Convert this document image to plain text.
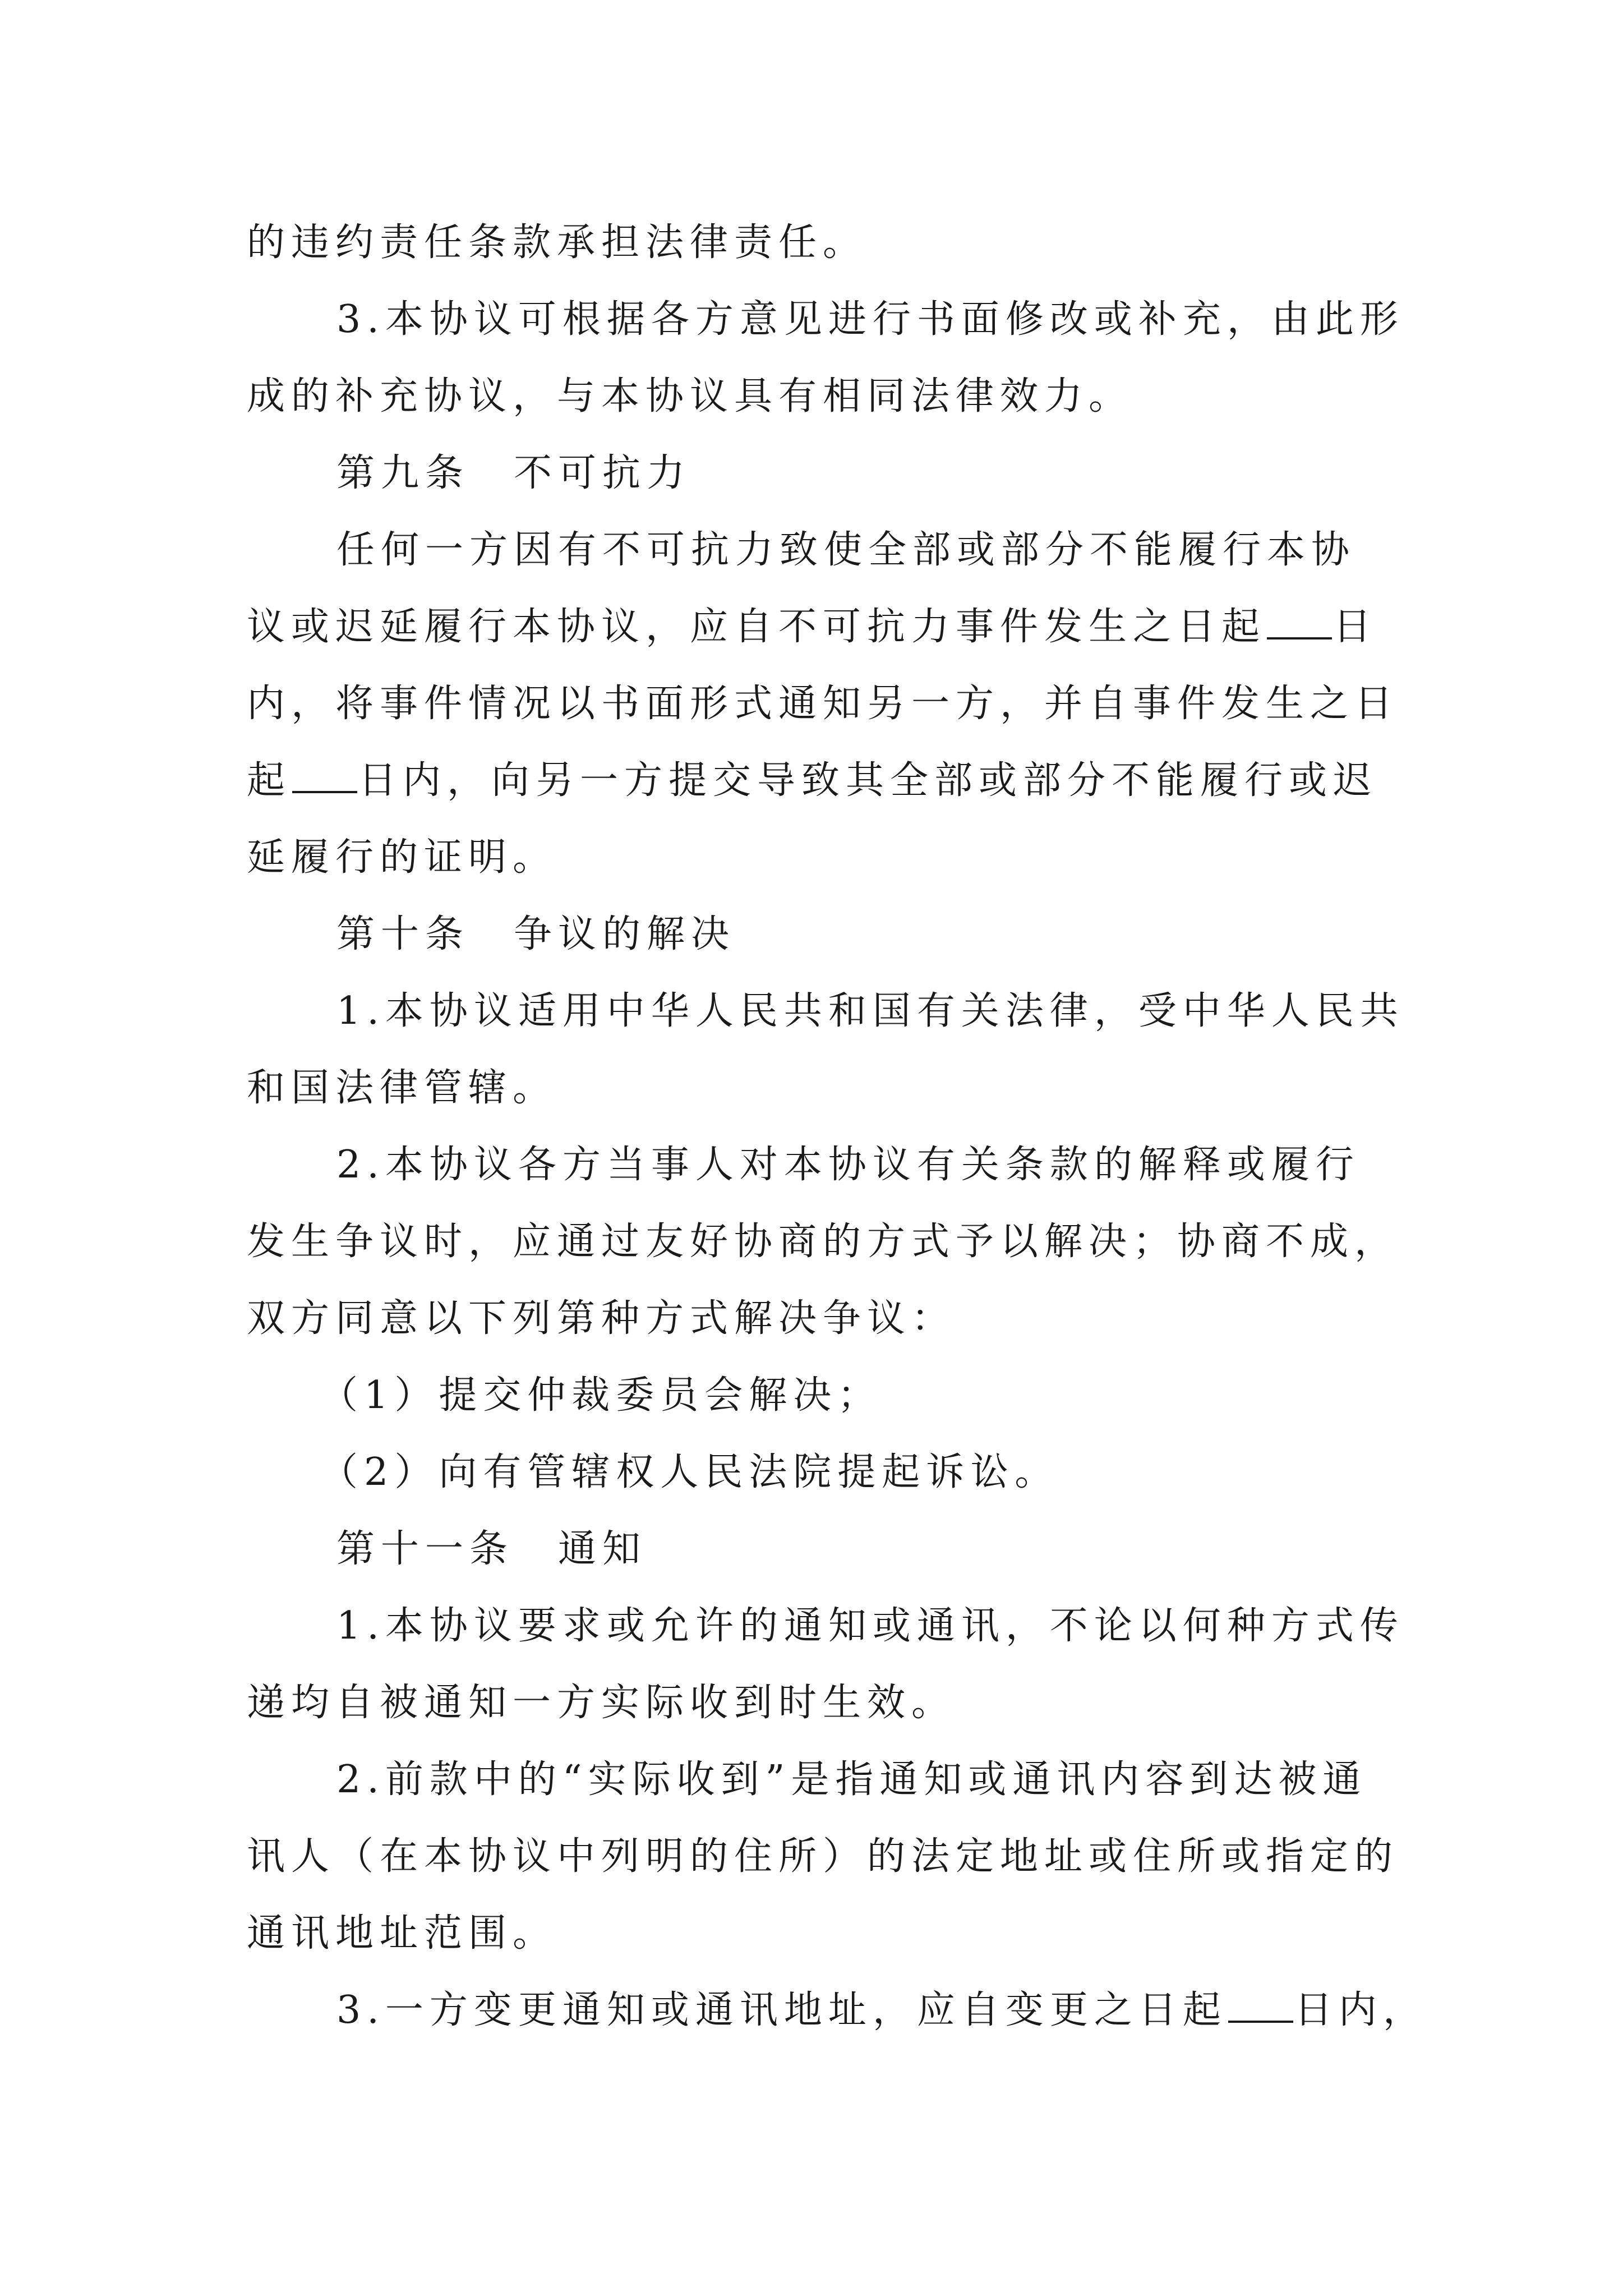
的违约责任条款承担法律责任。
3.本协议可根据各方意见进行书面修改或补充，由此形
成的补充协议，与本协议具有相同法律效力。
第九条　不可抗力
任何一方因有不可抗力致使全部或部分不能履行本协
议或迟延履行本协议，应自不可抗力事件发生之日起 日
内，将事件情况以书面形式通知另一方，并自事件发生之日
起 日内，向另一方提交导致其全部或部分不能履行或迟
延履行的证明。
第十条　争议的解决
1.本协议适用中华人民共和国有关法律，受中华人民共
和国法律管辖。
2.本协议各方当事人对本协议有关条款的解释或履行
发生争议时，应通过友好协商的方式予以解决；协商不成，
双方同意以下列第种方式解决争议：
（1）提交仲裁委员会解决；
（2）向有管辖权人民法院提起诉讼。
第十一条　通知
1.本协议要求或允许的通知或通讯，不论以何种方式传
递均自被通知一方实际收到时生效。
2.前款中的“实际收到”是指通知或通讯内容到达被通
讯人（在本协议中列明的住所）的法定地址或住所或指定的
通讯地址范围。
3.一方变更通知或通讯地址，应自变更之日起 日内，
